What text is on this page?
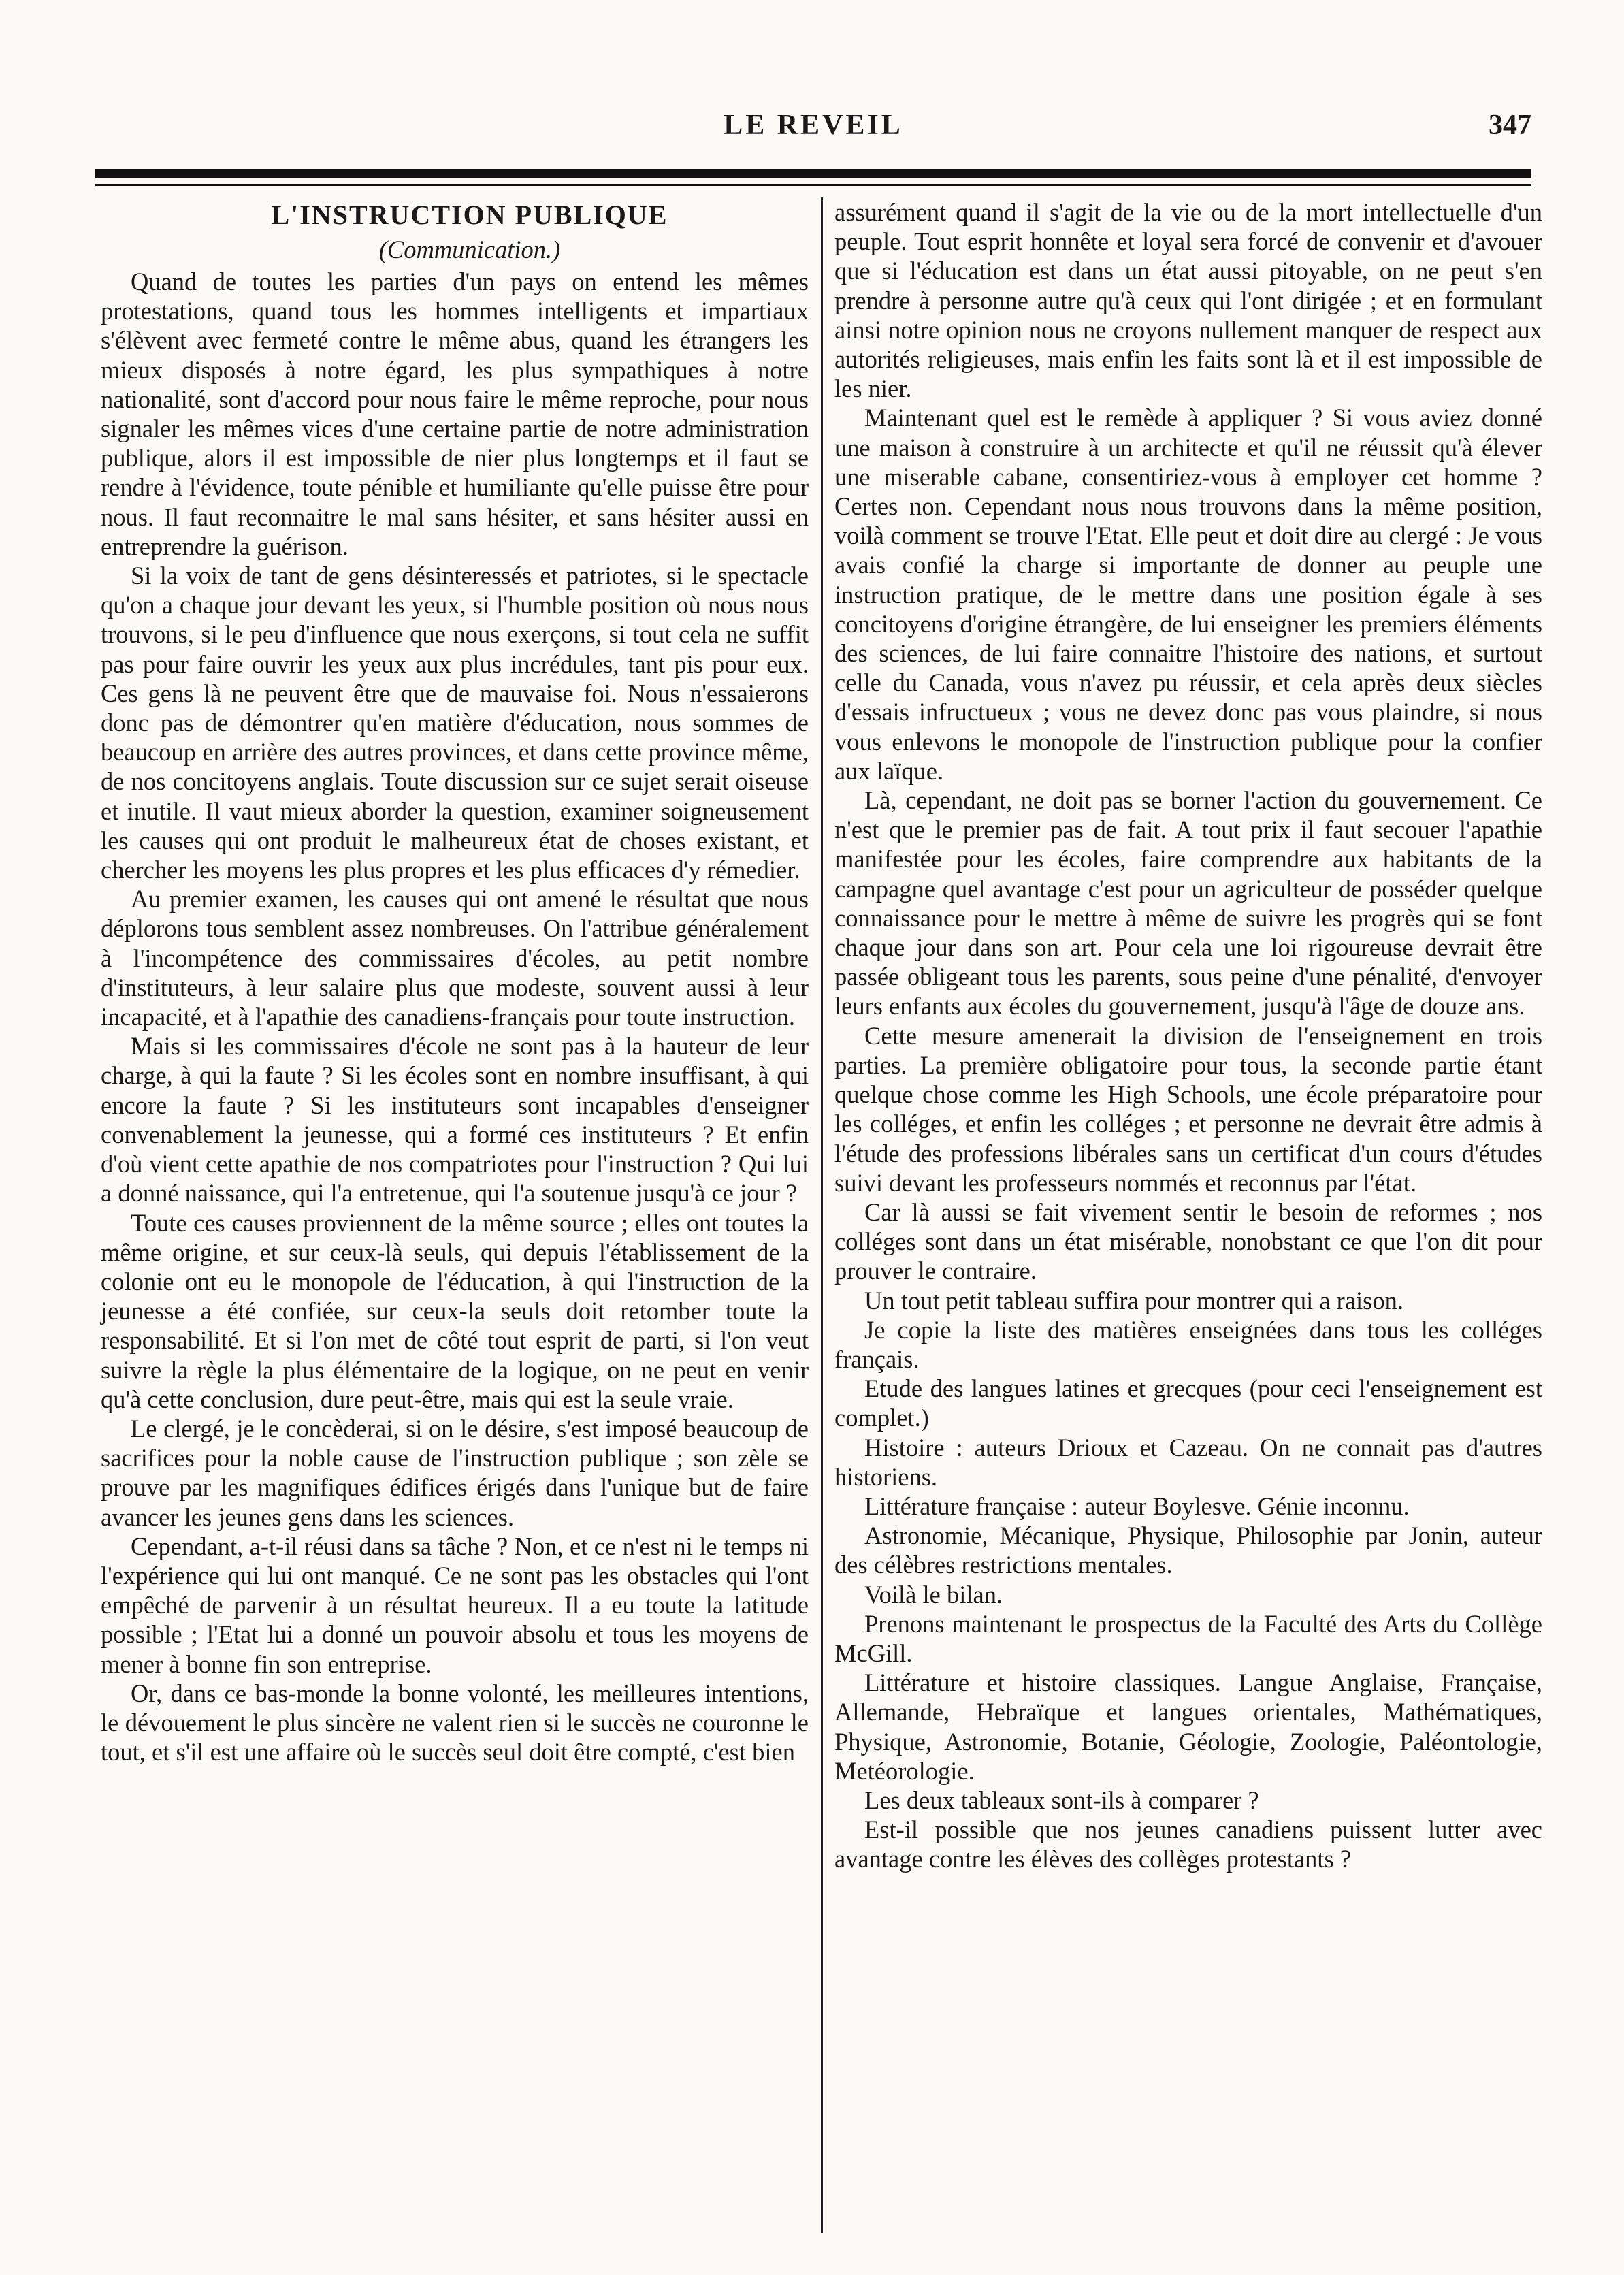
LE REVEIL	347

L'INSTRUCTION PUBLIQUE

(Communication.)

Quand de toutes les parties d'un pays on entend les mêmes protestations, quand tous les hommes intelligents et impartiaux s'élèvent avec fermeté contre le même abus, quand les étrangers les mieux disposés à notre égard, les plus sympathiques à notre nationalité, sont d'accord pour nous faire le même reproche, pour nous signaler les mêmes vices d'une certaine partie de notre administration publique, alors il est impossible de nier plus longtemps et il faut se rendre à l'évidence, toute pénible et humiliante qu'elle puisse être pour nous. Il faut reconnaitre le mal sans hésiter, et sans hésiter aussi en entreprendre la guérison.

Si la voix de tant de gens désinteressés et patriotes, si le spectacle qu'on a chaque jour devant les yeux, si l'humble position où nous nous trouvons, si le peu d'influence que nous exerçons, si tout cela ne suffit pas pour faire ouvrir les yeux aux plus incrédules, tant pis pour eux. Ces gens là ne peuvent être que de mauvaise foi. Nous n'essaierons donc pas de démontrer qu'en matière d'éducation, nous sommes de beaucoup en arrière des autres provinces, et dans cette province même, de nos concitoyens anglais. Toute discussion sur ce sujet serait oiseuse et inutile. Il vaut mieux aborder la question, examiner soigneusement les causes qui ont produit le malheureux état de choses existant, et chercher les moyens les plus propres et les plus efficaces d'y rémedier.

Au premier examen, les causes qui ont amené le résultat que nous déplorons tous semblent assez nombreuses. On l'attribue généralement à l'incompétence des commissaires d'écoles, au petit nombre d'instituteurs, à leur salaire plus que modeste, souvent aussi à leur incapacité, et à l'apathie des canadiens-français pour toute instruction.

Mais si les commissaires d'école ne sont pas à la hauteur de leur charge, à qui la faute ? Si les écoles sont en nombre insuffisant, à qui encore la faute ? Si les instituteurs sont incapables d'enseigner convenablement la jeunesse, qui a formé ces instituteurs ? Et enfin d'où vient cette apathie de nos compatriotes pour l'instruction ? Qui lui a donné naissance, qui l'a entretenue, qui l'a soutenue jusqu'à ce jour ?

Toute ces causes proviennent de la même source ; elles ont toutes la même origine, et sur ceux-là seuls, qui depuis l'établissement de la colonie ont eu le monopole de l'éducation, à qui l'instruction de la jeunesse a été confiée, sur ceux-la seuls doit retomber toute la responsabilité. Et si l'on met de côté tout esprit de parti, si l'on veut suivre la règle la plus élémentaire de la logique, on ne peut en venir qu'à cette conclusion, dure peut-être, mais qui est la seule vraie.

Le clergé, je le concèderai, si on le désire, s'est imposé beaucoup de sacrifices pour la noble cause de l'instruction publique ; son zèle se prouve par les magnifiques édifices érigés dans l'unique but de faire avancer les jeunes gens dans les sciences.

Cependant, a-t-il réusi dans sa tâche ? Non, et ce n'est ni le temps ni l'expérience qui lui ont manqué. Ce ne sont pas les obstacles qui l'ont empêché de parvenir à un résultat heureux. Il a eu toute la latitude possible ; l'Etat lui a donné un pouvoir absolu et tous les moyens de mener à bonne fin son entreprise.

Or, dans ce bas-monde la bonne volonté, les meilleures intentions, le dévouement le plus sincère ne valent rien si le succès ne couronne le tout, et s'il est une affaire où le succès seul doit être compté, c'est bien

assurément quand il s'agit de la vie ou de la mort intellectuelle d'un peuple. Tout esprit honnête et loyal sera forcé de convenir et d'avouer que si l'éducation est dans un état aussi pitoyable, on ne peut s'en prendre à personne autre qu'à ceux qui l'ont dirigée ; et en formulant ainsi notre opinion nous ne croyons nullement manquer de respect aux autorités religieuses, mais enfin les faits sont là et il est impossible de les nier.

Maintenant quel est le remède à appliquer ? Si vous aviez donné une maison à construire à un architecte et qu'il ne réussit qu'à élever une miserable cabane, consentiriez-vous à employer cet homme ? Certes non. Cependant nous nous trouvons dans la même position, voilà comment se trouve l'Etat. Elle peut et doit dire au clergé : Je vous avais confié la charge si importante de donner au peuple une instruction pratique, de le mettre dans une position égale à ses concitoyens d'origine étrangère, de lui enseigner les premiers éléments des sciences, de lui faire connaitre l'histoire des nations, et surtout celle du Canada, vous n'avez pu réussir, et cela après deux siècles d'essais infructueux ; vous ne devez donc pas vous plaindre, si nous vous enlevons le monopole de l'instruction publique pour la confier aux laïque.

Là, cependant, ne doit pas se borner l'action du gouvernement. Ce n'est que le premier pas de fait. A tout prix il faut secouer l'apathie manifestée pour les écoles, faire comprendre aux habitants de la campagne quel avantage c'est pour un agriculteur de posséder quelque connaissance pour le mettre à même de suivre les progrès qui se font chaque jour dans son art. Pour cela une loi rigoureuse devrait être passée obligeant tous les parents, sous peine d'une pénalité, d'envoyer leurs enfants aux écoles du gouvernement, jusqu'à l'âge de douze ans.

Cette mesure amenerait la division de l'enseignement en trois parties. La première obligatoire pour tous, la seconde partie étant quelque chose comme les High Schools, une école préparatoire pour les colléges, et enfin les colléges ; et personne ne devrait être admis à l'étude des professions libérales sans un certificat d'un cours d'études suivi devant les professeurs nommés et reconnus par l'état.

Car là aussi se fait vivement sentir le besoin de reformes ; nos colléges sont dans un état misérable, nonobstant ce que l'on dit pour prouver le contraire.

Un tout petit tableau suffira pour montrer qui a raison.

Je copie la liste des matières enseignées dans tous les colléges français.

Etude des langues latines et grecques (pour ceci l'enseignement est complet.)

Histoire : auteurs Drioux et Cazeau. On ne connait pas d'autres historiens.

Littérature française : auteur Boylesve. Génie inconnu.

Astronomie, Mécanique, Physique, Philosophie par Jonin, auteur des célèbres restrictions mentales.

Voilà le bilan.

Prenons maintenant le prospectus de la Faculté des Arts du Collège McGill.

Littérature et histoire classiques. Langue Anglaise, Française, Allemande, Hebraïque et langues orientales, Mathématiques, Physique, Astronomie, Botanie, Géologie, Zoologie, Paléontologie, Metéorologie.

Les deux tableaux sont-ils à comparer ?

Est-il possible que nos jeunes canadiens puissent lutter avec avantage contre les élèves des collèges protestants ?
